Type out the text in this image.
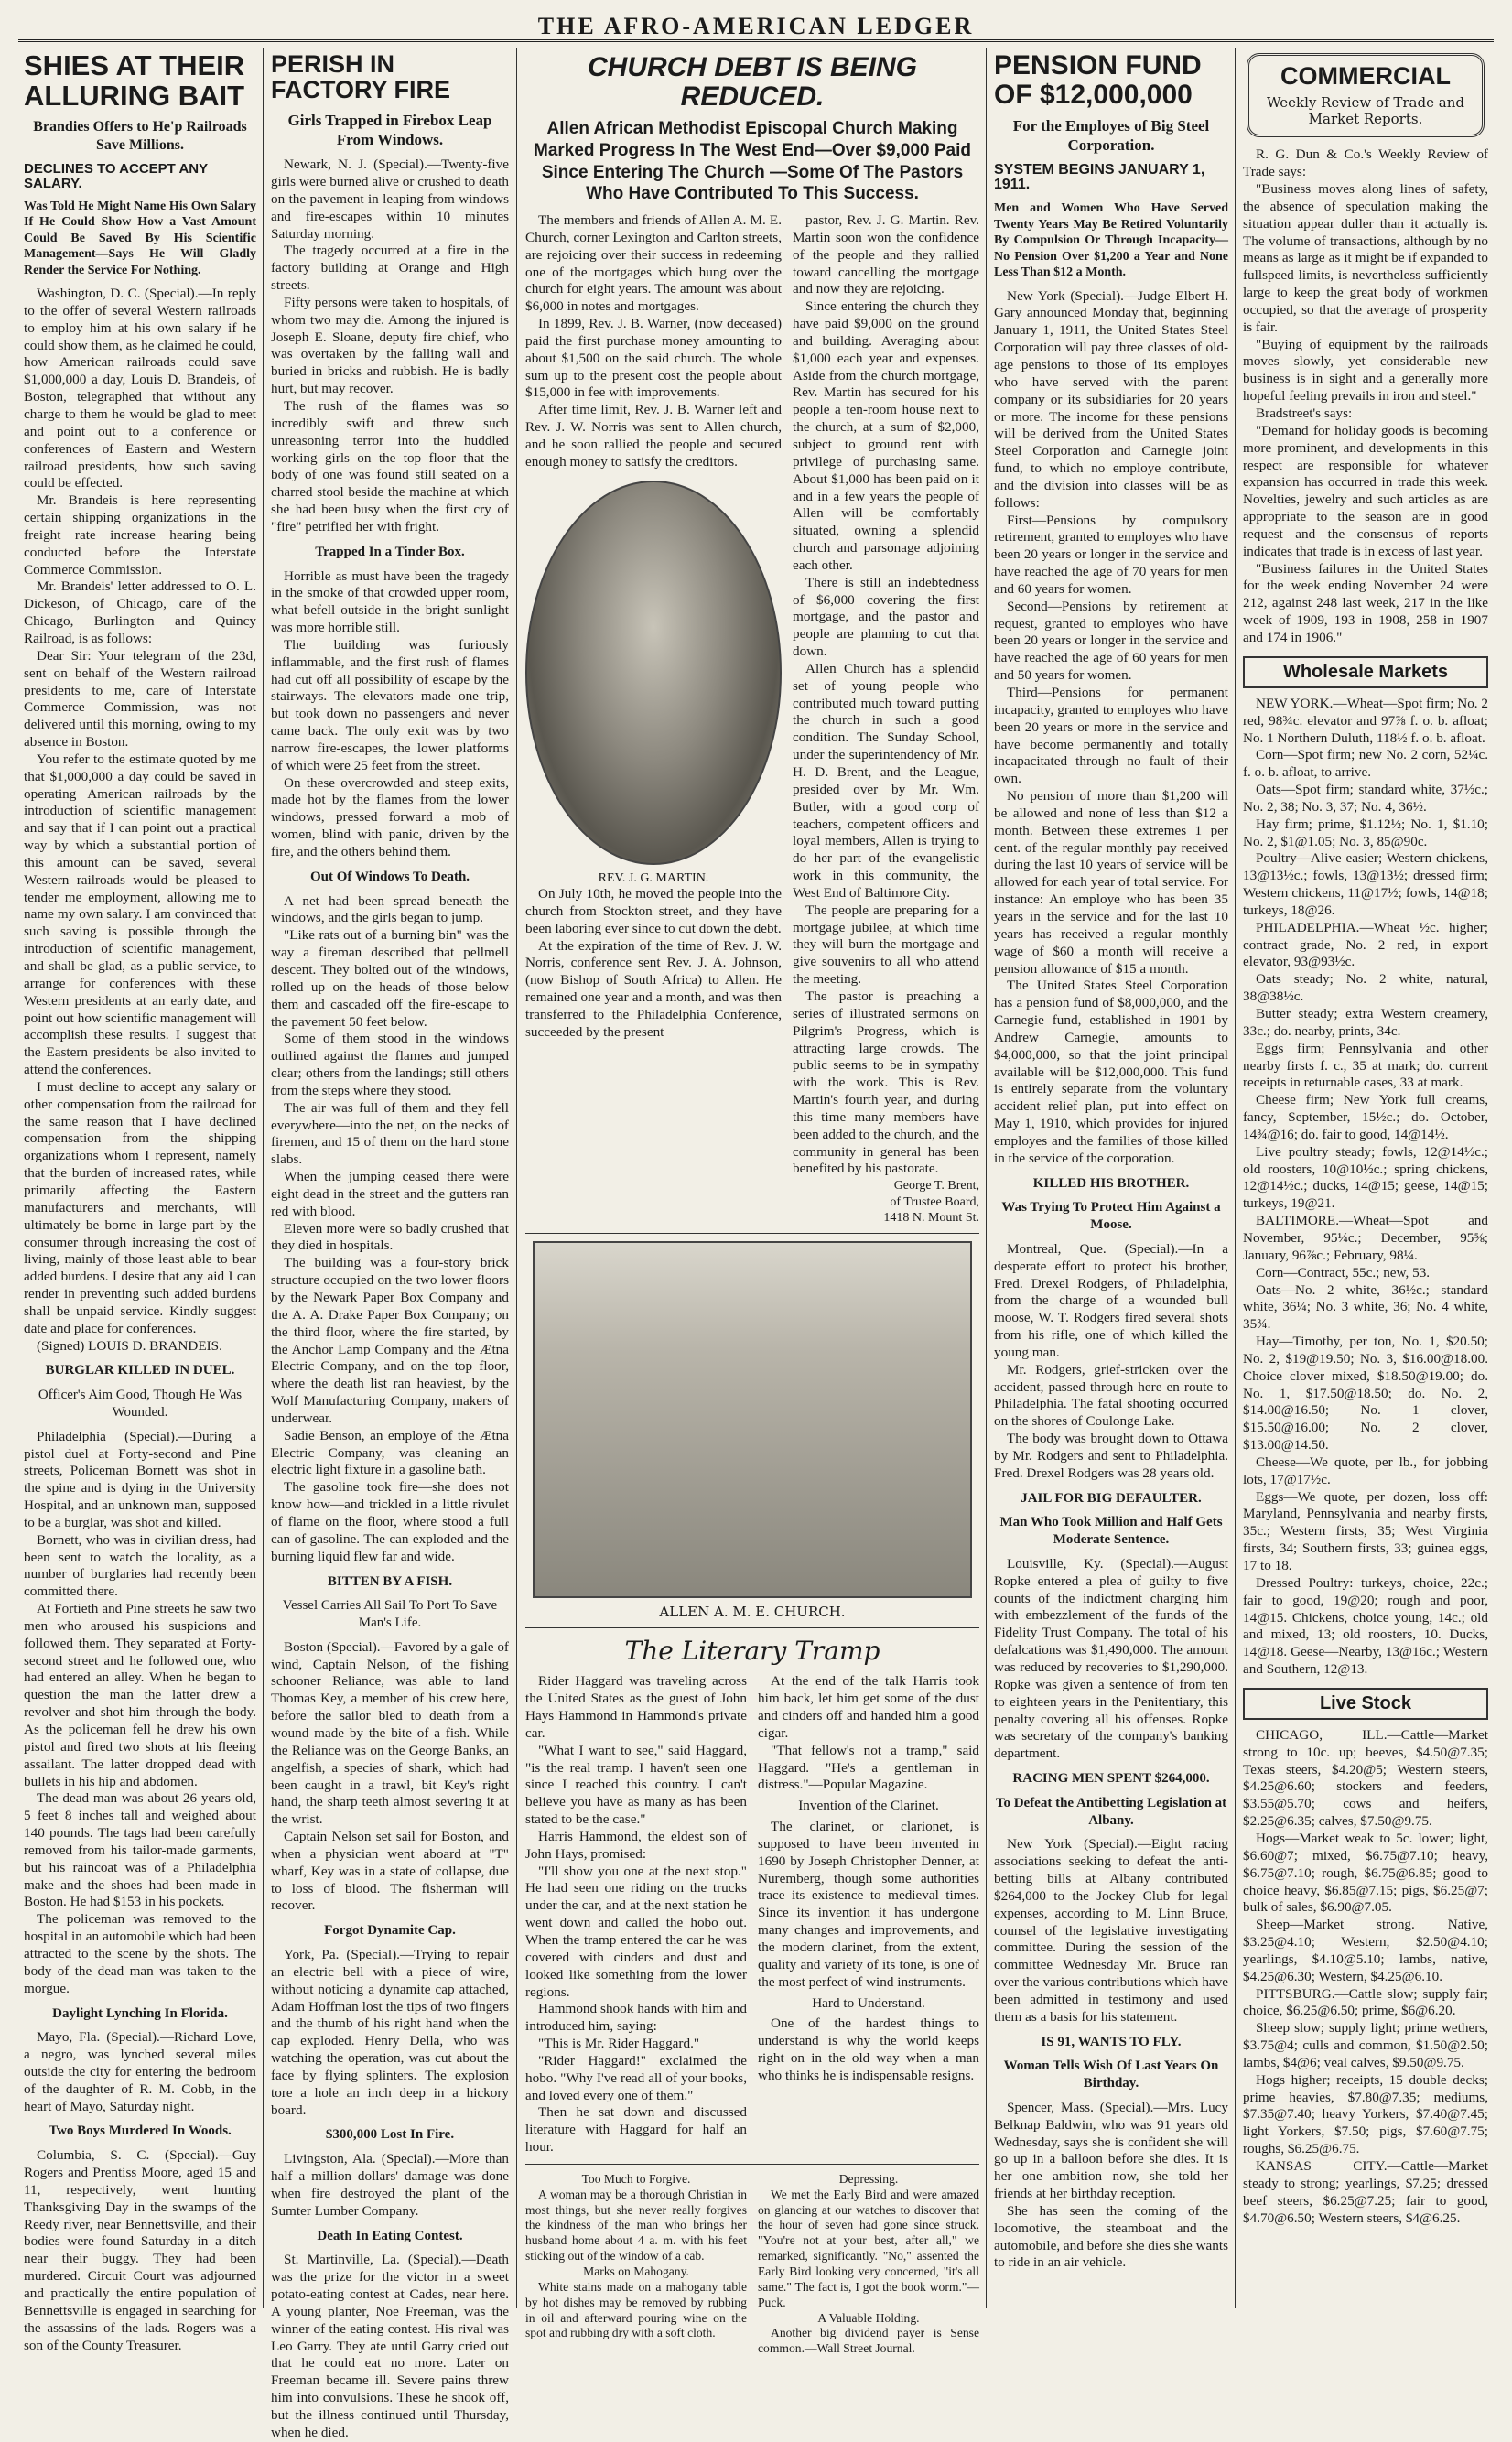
THE AFRO-AMERICAN LEDGER
SHIES AT THEIR ALLURING BAIT
Brandies Offers to He'p Railroads Save Millions.
DECLINES TO ACCEPT ANY SALARY.
Was Told He Might Name His Own Salary If He Could Show How a Vast Amount Could Be Saved By His Scientific Management—Says He Will Gladly Render the Service For Nothing.

Washington, D. C. (Special).—In reply to the offer of several Western railroads to employ him at his own salary if he could show them, as he claimed he could, how American railroads could save $1,000,000 a day, Louis D. Brandeis, of Boston, telegraphed that without any charge to them he would be glad to meet and point out to a conference or conferences of Eastern and Western railroad presidents, how such saving could be effected.

Mr. Brandeis is here representing certain shipping organizations in the freight rate increase hearing being conducted before the Interstate Commerce Commission.

Mr. Brandeis' letter addressed to O. L. Dickeson, of Chicago, care of the Chicago, Burlington and Quincy Railroad, is as follows:

Dear Sir: Your telegram of the 23d, sent on behalf of the Western railroad presidents to me, care of Interstate Commerce Commission, was not delivered until this morning, owing to my absence in Boston.

You refer to the estimate quoted by me that $1,000,000 a day could be saved in operating American railroads by the introduction of scientific management and say that if I can point out a practical way by which a substantial portion of this amount can be saved, several Western railroads would be pleased to tender me employment, allowing me to name my own salary. I am convinced that such saving is possible through the introduction of scientific management, and shall be glad, as a public service, to arrange for conferences with these Western presidents at an early date, and point out how scientific management will accomplish these results. I suggest that the Eastern presidents be also invited to attend the conferences.

I must decline to accept any salary or other compensation from the railroad for the same reason that I have declined compensation from the shipping organizations whom I represent, namely that the burden of increased rates, while primarily affecting the Eastern manufacturers and merchants, will ultimately be borne in large part by the consumer through increasing the cost of living, mainly of those least able to bear added burdens. I desire that any aid I can render in preventing such added burdens shall be unpaid service. Kindly suggest date and place for conferences.

(Signed) LOUIS D. BRANDEIS.

BURGLAR KILLED IN DUEL.
Officer's Aim Good, Though He Was Wounded.

Philadelphia (Special).—During a pistol duel at Forty-second and Pine streets, Policeman Bornett was shot in the spine and is dying in the University Hospital, and an unknown man, supposed to be a burglar, was shot and killed.

Bornett, who was in civilian dress, had been sent to watch the locality, as a number of burglaries had recently been committed there.

At Fortieth and Pine streets he saw two men who aroused his suspicions and followed them. They separated at Forty-second street and he followed one, who had entered an alley. When he began to question the man the latter drew a revolver and shot him through the body. As the policeman fell he drew his own pistol and fired two shots at his fleeing assailant. The latter dropped dead with bullets in his hip and abdomen.

The dead man was about 26 years old, 5 feet 8 inches tall and weighed about 140 pounds. The tags had been carefully removed from his tailor-made garments, but his raincoat was of a Philadelphia make and the shoes had been made in Boston. He had $153 in his pockets.

The policeman was removed to the hospital in an automobile which had been attracted to the scene by the shots. The body of the dead man was taken to the morgue.

Daylight Lynching In Florida.

Mayo, Fla. (Special).—Richard Love, a negro, was lynched several miles outside the city for entering the bedroom of the daughter of R. M. Cobb, in the heart of Mayo, Saturday night.

Two Boys Murdered In Woods.

Columbia, S. C. (Special).—Guy Rogers and Prentiss Moore, aged 15 and 11, respectively, went hunting Thanksgiving Day in the swamps of the Reedy river, near Bennettsville, and their bodies were found Saturday in a ditch near their buggy. They had been murdered. Circuit Court was adjourned and practically the entire population of Bennettsville is engaged in searching for the assassins of the lads. Rogers was a son of the County Treasurer.

PERISH IN FACTORY FIRE
Girls Trapped in Firebox Leap From Windows.

Newark, N. J. (Special).—Twenty-five girls were burned alive or crushed to death on the pavement in leaping from windows and fire-escapes within 10 minutes Saturday morning.

The tragedy occurred at a fire in the factory building at Orange and High streets.

Fifty persons were taken to hospitals, of whom two may die. Among the injured is Joseph E. Sloane, deputy fire chief, who was overtaken by the falling wall and buried in bricks and rubbish. He is badly hurt, but may recover.

The rush of the flames was so incredibly swift and threw such unreasoning terror into the huddled working girls on the top floor that the body of one was found still seated on a charred stool beside the machine at which she had been busy when the first cry of "fire" petrified her with fright.

Trapped In a Tinder Box.

Horrible as must have been the tragedy in the smoke of that crowded upper room, what befell outside in the bright sunlight was more horrible still.

The building was furiously inflammable, and the first rush of flames had cut off all possibility of escape by the stairways. The elevators made one trip, but took down no passengers and never came back. The only exit was by two narrow fire-escapes, the lower platforms of which were 25 feet from the street.

On these overcrowded and steep exits, made hot by the flames from the lower windows, pressed forward a mob of women, blind with panic, driven by the fire, and the others behind them.

Out Of Windows To Death.

A net had been spread beneath the windows, and the girls began to jump.

"Like rats out of a burning bin" was the way a fireman described that pellmell descent. They bolted out of the windows, rolled up on the heads of those below them and cascaded off the fire-escape to the pavement 50 feet below.

Some of them stood in the windows outlined against the flames and jumped clear; others from the landings; still others from the steps where they stood.

The air was full of them and they fell everywhere—into the net, on the necks of firemen, and 15 of them on the hard stone slabs.

When the jumping ceased there were eight dead in the street and the gutters ran red with blood.

Eleven more were so badly crushed that they died in hospitals.

The building was a four-story brick structure occupied on the two lower floors by the Newark Paper Box Company and the A. A. Drake Paper Box Company; on the third floor, where the fire started, by the Anchor Lamp Company and the Ætna Electric Company, and on the top floor, where the death list ran heaviest, by the Wolf Manufacturing Company, makers of underwear.

Sadie Benson, an employe of the Ætna Electric Company, was cleaning an electric light fixture in a gasoline bath.

The gasoline took fire—she does not know how—and trickled in a little rivulet of flame on the floor, where stood a full can of gasoline. The can exploded and the burning liquid flew far and wide.

BITTEN BY A FISH.
Vessel Carries All Sail To Port To Save Man's Life.

Boston (Special).—Favored by a gale of wind, Captain Nelson, of the fishing schooner Reliance, was able to land Thomas Key, a member of his crew here, before the sailor bled to death from a wound made by the bite of a fish. While the Reliance was on the George Banks, an angelfish, a species of shark, which had been caught in a trawl, bit Key's right hand, the sharp teeth almost severing it at the wrist.

Captain Nelson set sail for Boston, and when a physician went aboard at "T" wharf, Key was in a state of collapse, due to loss of blood. The fisherman will recover.

Forgot Dynamite Cap.

York, Pa. (Special).—Trying to repair an electric bell with a piece of wire, without noticing a dynamite cap attached, Adam Hoffman lost the tips of two fingers and the thumb of his right hand when the cap exploded. Henry Della, who was watching the operation, was cut about the face by flying splinters. The explosion tore a hole an inch deep in a hickory board.

$300,000 Lost In Fire.

Livingston, Ala. (Special).—More than half a million dollars' damage was done when fire destroyed the plant of the Sumter Lumber Company.

Death In Eating Contest.

St. Martinville, La. (Special).—Death was the prize for the victor in a sweet potato-eating contest at Cades, near here. A young planter, Noe Freeman, was the winner of the eating contest. His rival was Leo Garry. They ate until Garry cried out that he could eat no more. Later on Freeman became ill. Severe pains threw him into convulsions. These he shook off, but the illness continued until Thursday, when he died.

CHURCH DEBT IS BEING REDUCED.
Allen African Methodist Episcopal Church Making Marked Progress In The West End—Over $9,000 Paid Since Entering The Church —Some Of The Pastors Who Have Contributed To This Success.

The members and friends of Allen A. M. E. Church, corner Lexington and Carlton streets, are rejoicing over their success in redeeming one of the mortgages which hung over the church for eight years. The amount was about $6,000 in notes and mortgages.

In 1899, Rev. J. B. Warner, (now deceased) paid the first purchase money amounting to about $1,500 on the said church. The whole sum up to the present cost the people about $15,000 in fee with improvements.

After time limit, Rev. J. B. Warner left and Rev. J. W. Norris was sent to Allen church, and he soon rallied the people and secured enough money to satisfy the creditors.

REV. J. G. MARTIN.

On July 10th, he moved the people into the church from Stockton street, and they have been laboring ever since to cut down the debt.

At the expiration of the time of Rev. J. W. Norris, conference sent Rev. J. A. Johnson, (now Bishop of South Africa) to Allen. He remained one year and a month, and was then transferred to the Philadelphia Conference, succeeded by the present

pastor, Rev. J. G. Martin. Rev. Martin soon won the confidence of the people and they rallied toward cancelling the mortgage and now they are rejoicing.

Since entering the church they have paid $9,000 on the ground and building. Averaging about $1,000 each year and expenses. Aside from the church mortgage, Rev. Martin has secured for his people a ten-room house next to the church, at a sum of $2,000, subject to ground rent with privilege of purchasing same. About $1,000 has been paid on it and in a few years the people of Allen will be comfortably situated, owning a splendid church and parsonage adjoining each other.

There is still an indebtedness of $6,000 covering the first mortgage, and the pastor and people are planning to cut that down.

Allen Church has a splendid set of young people who contributed much toward putting the church in such a good condition. The Sunday School, under the superintendency of Mr. H. D. Brent, and the League, presided over by Mr. Wm. Butler, with a good corp of teachers, competent officers and loyal members, Allen is trying to do her part of the evangelistic work in this community, the West End of Baltimore City.

The people are preparing for a mortgage jubilee, at which time they will burn the mortgage and give souvenirs to all who attend the meeting.

The pastor is preaching a series of illustrated sermons on Pilgrim's Progress, which is attracting large crowds. The public seems to be in sympathy with the work. This is Rev. Martin's fourth year, and during this time many members have been added to the church, and the community in general has been benefited by his pastorate.

George T. Brent,
of Trustee Board,
1418 N. Mount St.
ALLEN A. M. E. CHURCH.
The Literary Tramp

Rider Haggard was traveling across the United States as the guest of John Hays Hammond in Hammond's private car.

"What I want to see," said Haggard, "is the real tramp. I haven't seen one since I reached this country. I can't believe you have as many as has been stated to be the case."

Harris Hammond, the eldest son of John Hays, promised:

"I'll show you one at the next stop." He had seen one riding on the trucks under the car, and at the next station he went down and called the hobo out. When the tramp entered the car he was covered with cinders and dust and looked like something from the lower regions.

Hammond shook hands with him and introduced him, saying:

"This is Mr. Rider Haggard."

"Rider Haggard!" exclaimed the hobo. "Why I've read all of your books, and loved every one of them."

Then he sat down and discussed literature with Haggard for half an hour.

At the end of the talk Harris took him back, let him get some of the dust and cinders off and handed him a good cigar.

"That fellow's not a tramp," said Haggard. "He's a gentleman in distress."—Popular Magazine.

Invention of the Clarinet.

The clarinet, or clarionet, is supposed to have been invented in 1690 by Joseph Christopher Denner, at Nuremberg, though some authorities trace its existence to medieval times. Since its invention it has undergone many changes and improvements, and the modern clarinet, from the extent, quality and variety of its tone, is one of the most perfect of wind instruments.

Hard to Understand.

One of the hardest things to understand is why the world keeps right on in the old way when a man who thinks he is indispensable resigns.

Too Much to Forgive.

A woman may be a thorough Christian in most things, but she never really forgives the kindness of the man who brings her husband home about 4 a. m. with his feet sticking out of the window of a cab.

Marks on Mahogany.

White stains made on a mahogany table by hot dishes may be removed by rubbing in oil and afterward pouring wine on the spot and rubbing dry with a soft cloth.

Depressing.

We met the Early Bird and were amazed on glancing at our watches to discover that the hour of seven had gone since struck. "You're not at your best, after all," we remarked, significantly. "No," assented the Early Bird looking very concerned, "it's all same." The fact is, I got the book worm."—Puck.

A Valuable Holding.

Another big dividend payer is Sense common.—Wall Street Journal.

PENSION FUND OF $12,000,000
For the Employes of Big Steel Corporation.
SYSTEM BEGINS JANUARY 1, 1911.
Men and Women Who Have Served Twenty Years May Be Retired Voluntarily By Compulsion Or Through Incapacity—No Pension Over $1,200 a Year and None Less Than $12 a Month.

New York (Special).—Judge Elbert H. Gary announced Monday that, beginning January 1, 1911, the United States Steel Corporation will pay three classes of old-age pensions to those of its employes who have served with the parent company or its subsidiaries for 20 years or more. The income for these pensions will be derived from the United States Steel Corporation and Carnegie joint fund, to which no employe contribute, and the division into classes will be as follows:

First—Pensions by compulsory retirement, granted to employes who have been 20 years or longer in the service and have reached the age of 70 years for men and 60 years for women.

Second—Pensions by retirement at request, granted to employes who have been 20 years or longer in the service and have reached the age of 60 years for men and 50 years for women.

Third—Pensions for permanent incapacity, granted to employes who have been 20 years or more in the service and have become permanently and totally incapacitated through no fault of their own.

No pension of more than $1,200 will be allowed and none of less than $12 a month. Between these extremes 1 per cent. of the regular monthly pay received during the last 10 years of service will be allowed for each year of total service. For instance: An employe who has been 35 years in the service and for the last 10 years has received a regular monthly wage of $60 a month will receive a pension allowance of $15 a month.

The United States Steel Corporation has a pension fund of $8,000,000, and the Carnegie fund, established in 1901 by Andrew Carnegie, amounts to $4,000,000, so that the joint principal available will be $12,000,000. This fund is entirely separate from the voluntary accident relief plan, put into effect on May 1, 1910, which provides for injured employes and the families of those killed in the service of the corporation.

KILLED HIS BROTHER.
Was Trying To Protect Him Against a Moose.

Montreal, Que. (Special).—In a desperate effort to protect his brother, Fred. Drexel Rodgers, of Philadelphia, from the charge of a wounded bull moose, W. T. Rodgers fired several shots from his rifle, one of which killed the young man.

Mr. Rodgers, grief-stricken over the accident, passed through here en route to Philadelphia. The fatal shooting occurred on the shores of Coulonge Lake.

The body was brought down to Ottawa by Mr. Rodgers and sent to Philadelphia. Fred. Drexel Rodgers was 28 years old.

JAIL FOR BIG DEFAULTER.
Man Who Took Million and Half Gets Moderate Sentence.

Louisville, Ky. (Special).—August Ropke entered a plea of guilty to five counts of the indictment charging him with embezzlement of the funds of the Fidelity Trust Company. The total of his defalcations was $1,490,000. The amount was reduced by recoveries to $1,290,000. Ropke was given a sentence of from ten to eighteen years in the Penitentiary, this penalty covering all his offenses. Ropke was secretary of the company's banking department.

RACING MEN SPENT $264,000.
To Defeat the Antibetting Legislation at Albany.

New York (Special).—Eight racing associations seeking to defeat the anti-betting bills at Albany contributed $264,000 to the Jockey Club for legal expenses, according to M. Linn Bruce, counsel of the legislative investigating committee. During the session of the committee Wednesday Mr. Bruce ran over the various contributions which have been admitted in testimony and used them as a basis for his statement.

IS 91, WANTS TO FLY.
Woman Tells Wish Of Last Years On Birthday.

Spencer, Mass. (Special).—Mrs. Lucy Belknap Baldwin, who was 91 years old Wednesday, says she is confident she will go up in a balloon before she dies. It is her one ambition now, she told her friends at her birthday reception.

She has seen the coming of the locomotive, the steamboat and the automobile, and before she dies she wants to ride in an air vehicle.

COMMERCIAL
Weekly Review of Trade and Market Reports.

R. G. Dun & Co.'s Weekly Review of Trade says:

"Business moves along lines of safety, the absence of speculation making the situation appear duller than it actually is. The volume of transactions, although by no means as large as it might be if expanded to fullspeed limits, is nevertheless sufficiently large to keep the great body of workmen occupied, so that the average of prosperity is fair.

"Buying of equipment by the railroads moves slowly, yet considerable new business is in sight and a generally more hopeful feeling prevails in iron and steel."

Bradstreet's says:

"Demand for holiday goods is becoming more prominent, and developments in this respect are responsible for whatever expansion has occurred in trade this week. Novelties, jewelry and such articles as are appropriate to the season are in good request and the consensus of reports indicates that trade is in excess of last year.

"Business failures in the United States for the week ending November 24 were 212, against 248 last week, 217 in the like week of 1909, 193 in 1908, 258 in 1907 and 174 in 1906."

Wholesale Markets

NEW YORK.—Wheat—Spot firm; No. 2 red, 98¾c. elevator and 97⅞ f. o. b. afloat; No. 1 Northern Duluth, 118½ f. o. b. afloat.

Corn—Spot firm; new No. 2 corn, 52¼c. f. o. b. afloat, to arrive.

Oats—Spot firm; standard white, 37½c.; No. 2, 38; No. 3, 37; No. 4, 36½.

Hay firm; prime, $1.12½; No. 1, $1.10; No. 2, $1@1.05; No. 3, 85@90c.

Poultry—Alive easier; Western chickens, 13@13½c.; fowls, 13@13½; dressed firm; Western chickens, 11@17½; fowls, 14@18; turkeys, 18@26.

PHILADELPHIA.—Wheat ½c. higher; contract grade, No. 2 red, in export elevator, 93@93½c.

Oats steady; No. 2 white, natural, 38@38½c.

Butter steady; extra Western creamery, 33c.; do. nearby, prints, 34c.

Eggs firm; Pennsylvania and other nearby firsts f. c., 35 at mark; do. current receipts in returnable cases, 33 at mark.

Cheese firm; New York full creams, fancy, September, 15½c.; do. October, 14¾@16; do. fair to good, 14@14½.

Live poultry steady; fowls, 12@14½c.; old roosters, 10@10½c.; spring chickens, 12@14½c.; ducks, 14@15; geese, 14@15; turkeys, 19@21.

BALTIMORE.—Wheat—Spot and November, 95¼c.; December, 95⅝; January, 96⅞c.; February, 98¼.

Corn—Contract, 55c.; new, 53.

Oats—No. 2 white, 36½c.; standard white, 36¼; No. 3 white, 36; No. 4 white, 35¾.

Hay—Timothy, per ton, No. 1, $20.50; No. 2, $19@19.50; No. 3, $16.00@18.00. Choice clover mixed, $18.50@19.00; do. No. 1, $17.50@18.50; do. No. 2, $14.00@16.50; No. 1 clover, $15.50@16.00; No. 2 clover, $13.00@14.50.

Cheese—We quote, per lb., for jobbing lots, 17@17½c.

Eggs—We quote, per dozen, loss off: Maryland, Pennsylvania and nearby firsts, 35c.; Western firsts, 35; West Virginia firsts, 34; Southern firsts, 33; guinea eggs, 17 to 18.

Dressed Poultry: turkeys, choice, 22c.; fair to good, 19@20; rough and poor, 14@15. Chickens, choice young, 14c.; old and mixed, 13; old roosters, 10. Ducks, 14@18. Geese—Nearby, 13@16c.; Western and Southern, 12@13.

Live Stock

CHICAGO, ILL.—Cattle—Market strong to 10c. up; beeves, $4.50@7.35; Texas steers, $4.20@5; Western steers, $4.25@6.60; stockers and feeders, $3.55@5.70; cows and heifers, $2.25@6.35; calves, $7.50@9.75.

Hogs—Market weak to 5c. lower; light, $6.60@7; mixed, $6.75@7.10; heavy, $6.75@7.10; rough, $6.75@6.85; good to choice heavy, $6.85@7.15; pigs, $6.25@7; bulk of sales, $6.90@7.05.

Sheep—Market strong. Native, $3.25@4.10; Western, $2.50@4.10; yearlings, $4.10@5.10; lambs, native, $4.25@6.30; Western, $4.25@6.10.

PITTSBURG.—Cattle slow; supply fair; choice, $6.25@6.50; prime, $6@6.20.

Sheep slow; supply light; prime wethers, $3.75@4; culls and common, $1.50@2.50; lambs, $4@6; veal calves, $9.50@9.75.

Hogs higher; receipts, 15 double decks; prime heavies, $7.80@7.35; mediums, $7.35@7.40; heavy Yorkers, $7.40@7.45; light Yorkers, $7.50; pigs, $7.60@7.75; roughs, $6.25@6.75.

KANSAS CITY.—Cattle—Market steady to strong; yearlings, $7.25; dressed beef steers, $6.25@7.25; fair to good, $4.70@6.50; Western steers, $4@6.25.
